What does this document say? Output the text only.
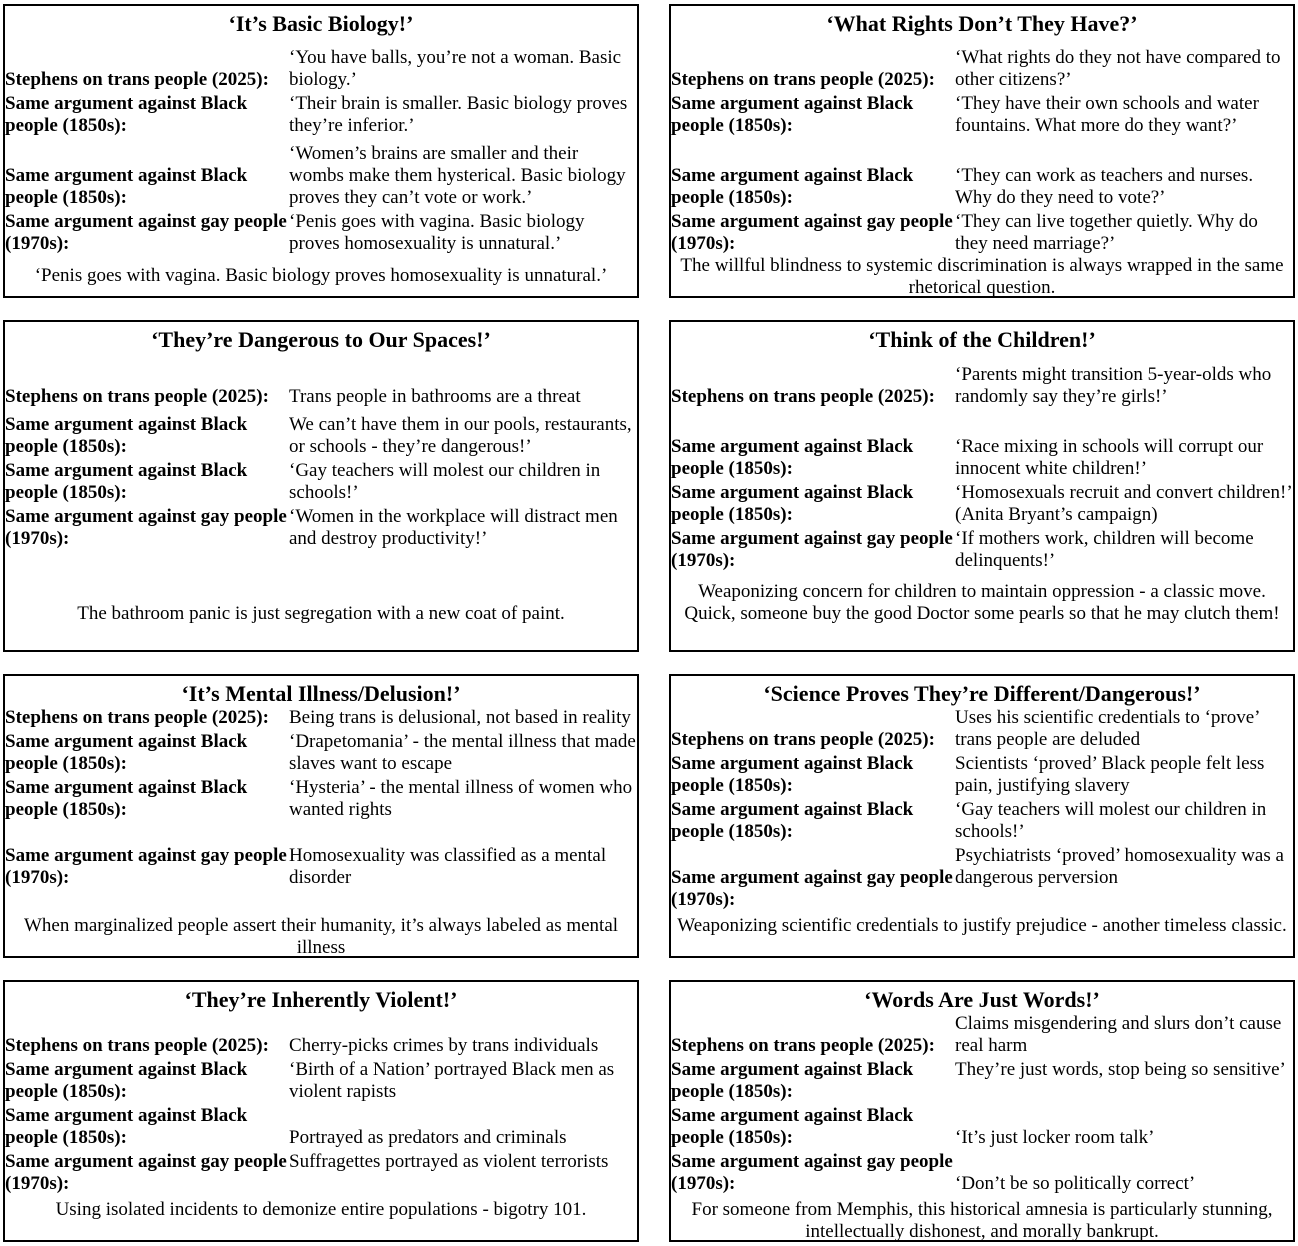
‘It’s Basic Biology!’
Stephens on trans people (2025):
‘You have balls, you’re not a woman. Basic biology.’
Same argument against Black people (1850s):
‘Their brain is smaller. Basic biology proves they’re inferior.’
Same argument against Black people (1850s):
‘Women’s brains are smaller and their wombs make them hysterical. Basic biology proves they can’t vote or work.’
Same argument against gay people (1970s):
‘Penis goes with vagina. Basic biology proves homosexuality is unnatural.’
‘Penis goes with vagina. Basic biology proves homosexuality is unnatural.’
‘What Rights Don’t They Have?’
Stephens on trans people (2025):
‘What rights do they not have compared to other citizens?’
Same argument against Black people (1850s):
‘They have their own schools and water fountains. What more do they want?’
Same argument against Black people (1850s):
‘They can work as teachers and nurses. Why do they need to vote?’
Same argument against gay people (1970s):
‘They can live together quietly. Why do they need marriage?’
The willful blindness to systemic discrimination is always wrapped in the same rhetorical question.
‘They’re Dangerous to Our Spaces!’
Stephens on trans people (2025):	Trans people in bathrooms are a threat
Same argument against Black people (1850s):
We can’t have them in our pools, restaurants, or schools - they’re dangerous!’
Same argument against Black people (1850s):
‘Gay teachers will molest our children in schools!’
Same argument against gay people (1970s):
‘Women in the workplace will distract men and destroy productivity!’
The bathroom panic is just segregation with a new coat of paint.
‘Think of the Children!’
Stephens on trans people (2025):
‘Parents might transition 5-year-olds who randomly say they’re girls!’
Same argument against Black people (1850s):
‘Race mixing in schools will corrupt our innocent white children!’
Same argument against Black people (1850s):
‘Homosexuals recruit and convert children!’ (Anita Bryant’s campaign)
Same argument against gay people (1970s):
‘If mothers work, children will become delinquents!’
Weaponizing concern for children to maintain oppression - a classic move. Quick, someone buy the good Doctor some pearls so that he may clutch them!
‘It’s Mental Illness/Delusion!’
Stephens on trans people (2025):	Being trans is delusional, not based in reality
Same argument against Black people (1850s):
‘Drapetomania’ - the mental illness that made slaves want to escape
Same argument against Black people (1850s):
‘Hysteria’ - the mental illness of women who wanted rights
Same argument against gay people (1970s):
Homosexuality was classified as a mental disorder
When marginalized people assert their humanity, it’s always labeled as mental illness
‘Science Proves They’re Different/Dangerous!’
Stephens on trans people (2025):
Uses his scientific credentials to ‘prove’ trans people are deluded
Same argument against Black people (1850s):
Scientists ‘proved’ Black people felt less pain, justifying slavery
Same argument against Black people (1850s):
‘Gay teachers will molest our children in schools!’
Same argument against gay people (1970s):
Psychiatrists ‘proved’ homosexuality was a dangerous perversion
Weaponizing scientific credentials to justify prejudice - another timeless classic.
‘They’re Inherently Violent!’
Stephens on trans people (2025):	Cherry-picks crimes by trans individuals
Same argument against Black people (1850s):
‘Birth of a Nation’ portrayed Black men as violent rapists
Same argument against Black people (1850s):	Portrayed as predators and criminals
Same argument against gay people (1970s):
Suffragettes portrayed as violent terrorists
Using isolated incidents to demonize entire populations - bigotry 101.
‘Words Are Just Words!’
Stephens on trans people (2025):
Claims misgendering and slurs don’t cause real harm
Same argument against Black people (1850s):
They’re just words, stop being so sensitive’
Same argument against Black people (1850s):	‘It’s just locker room talk’
Same argument against gay people (1970s):	‘Don’t be so politically correct’
For someone from Memphis, this historical amnesia is particularly stunning, intellectually dishonest, and morally bankrupt.
